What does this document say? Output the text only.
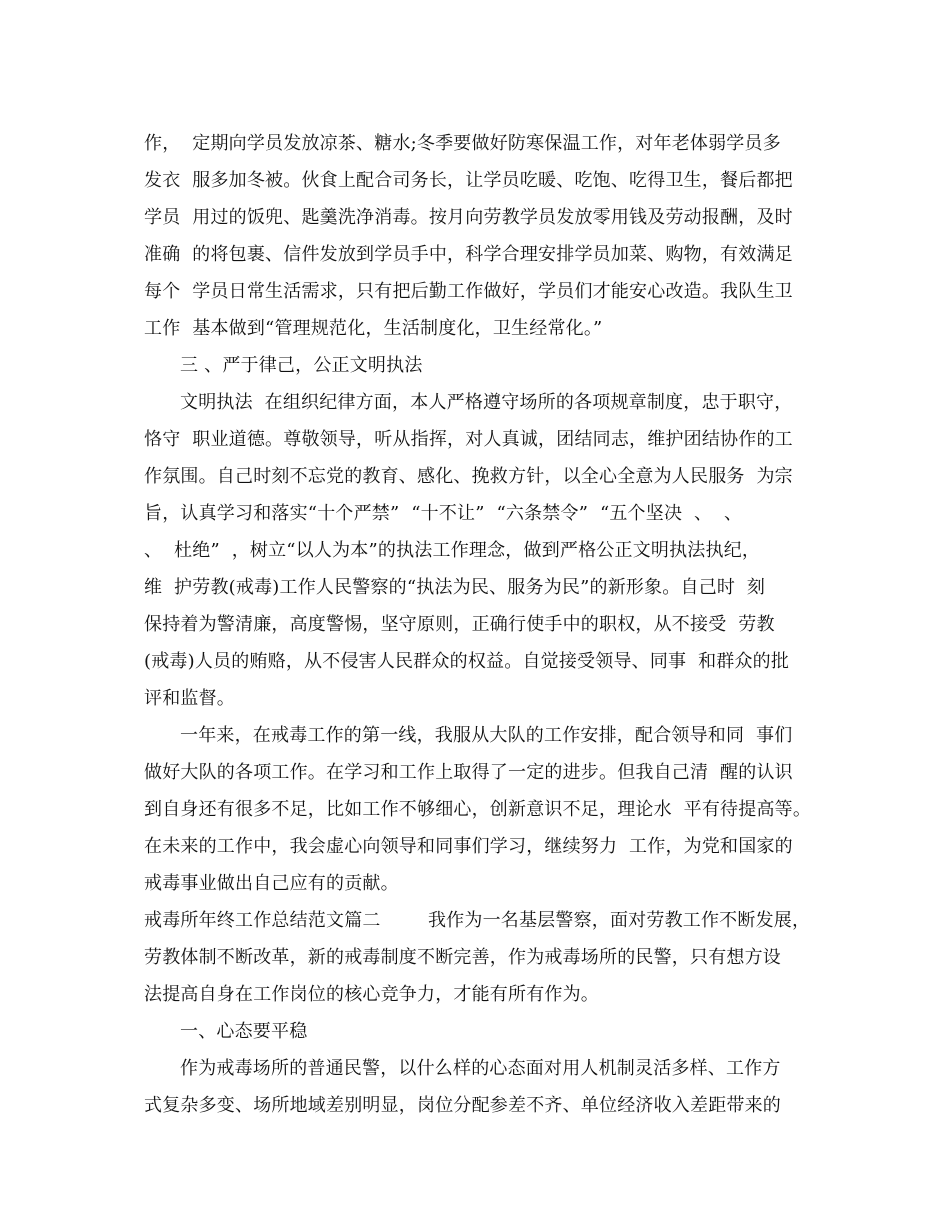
作，  定期向学员发放凉茶、糖水;冬季要做好防寒保温工作，对年老体弱学员多
发衣  服多加冬被。伙食上配合司务长，让学员吃暖、吃饱、吃得卫生，餐后都把
学员  用过的饭兜、匙羹洗净消毒。按月向劳教学员发放零用钱及劳动报酬，及时
准确  的将包裹、信件发放到学员手中，科学合理安排学员加菜、购物，有效满足
每个  学员日常生活需求，只有把后勤工作做好，学员们才能安心改造。我队生卫
工作  基本做到“管理规范化，生活制度化，卫生经常化。”
三 、严于律己，公正文明执法
文明执法  在组织纪律方面，本人严格遵守场所的各项规章制度，忠于职守，
恪守  职业道德。尊敬领导，听从指挥，对人真诚，团结同志，维护团结协作的工
作氛围。自己时刻不忘党的教育、感化、挽救方针，以全心全意为人民服务  为宗
旨，认真学习和落实“十个严禁”  “十不让”  “六条禁令”  “五个坚决  、  、
、  杜绝”  ，树立“以人为本”的执法工作理念，做到严格公正文明执法执纪，
维  护劳教(戒毒)工作人民警察的“执法为民、服务为民”的新形象。自己时  刻
保持着为警清廉，高度警惕，坚守原则，正确行使手中的职权，从不接受  劳教
(戒毒)人员的贿赂，从不侵害人民群众的权益。自觉接受领导、同事  和群众的批
评和监督。
一年来，在戒毒工作的第一线，我服从大队的工作安排，配合领导和同  事们
做好大队的各项工作。在学习和工作上取得了一定的进步。但我自己清  醒的认识
到自身还有很多不足，比如工作不够细心，创新意识不足，理论水  平有待提高等。
在未来的工作中，我会虚心向领导和同事们学习，继续努力  工作，为党和国家的
戒毒事业做出自己应有的贡献。
戒毒所年终工作总结范文篇二        我作为一名基层警察，面对劳教工作不断发展，
劳教体制不断改革，新的戒毒制度不断完善，作为戒毒场所的民警，只有想方设
法提高自身在工作岗位的核心竞争力，才能有所有作为。
一、心态要平稳
作为戒毒场所的普通民警，以什么样的心态面对用人机制灵活多样、工作方
式复杂多变、场所地域差别明显，岗位分配参差不齐、单位经济收入差距带来的
